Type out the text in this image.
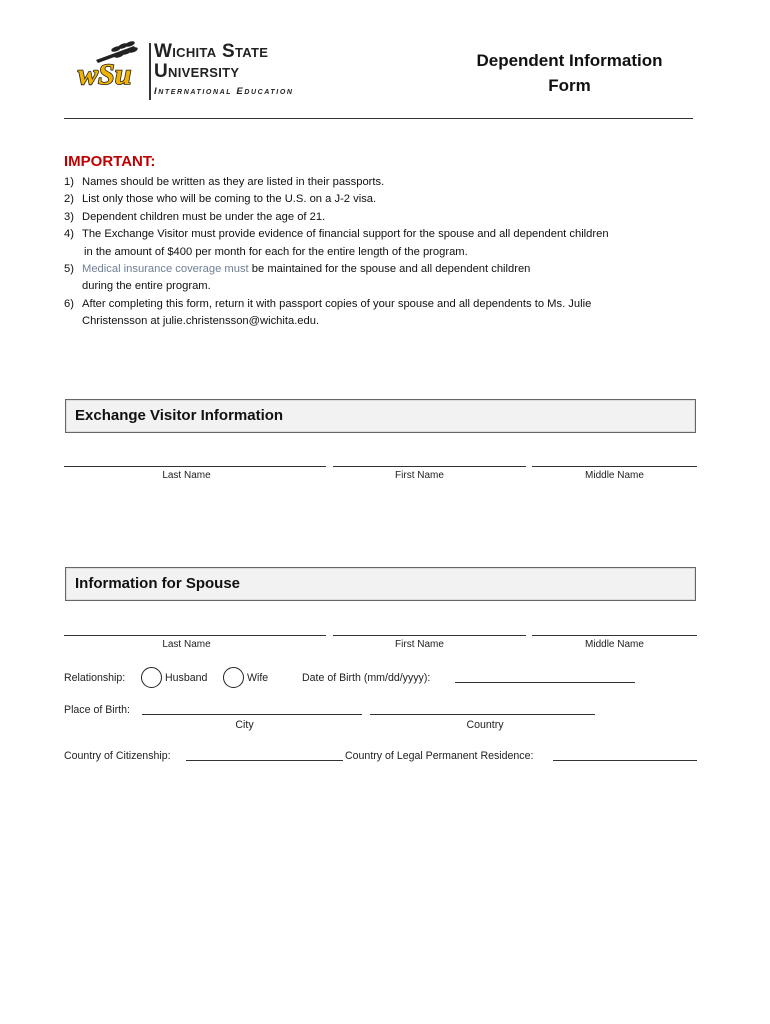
wSu
Wichita State
University
International Education
Dependent Information
Form
IMPORTANT:
1) Names should be written as they are listed in their passports.
2) List only those who will be coming to the U.S. on a J-2 visa.
3) Dependent children must be under the age of 21.
4) The Exchange Visitor must provide evidence of financial support for the spouse and all dependent children
in the amount of $400 per month for each for the entire length of the program.
5) Medical insurance coverage must be maintained for the spouse and all dependent children
during the entire program.
6) After completing this form, return it with passport copies of your spouse and all dependents to Ms. Julie
Christensson at julie.christensson@wichita.edu.
Exchange Visitor Information
Last Name	First Name	Middle Name
Information for Spouse
Last Name	First Name	Middle Name
Relationship:	Husband	Wife	Date of Birth (mm/dd/yyyy):
Place of Birth:
City	Country
Country of Citizenship:	Country of Legal Permanent Residence:
